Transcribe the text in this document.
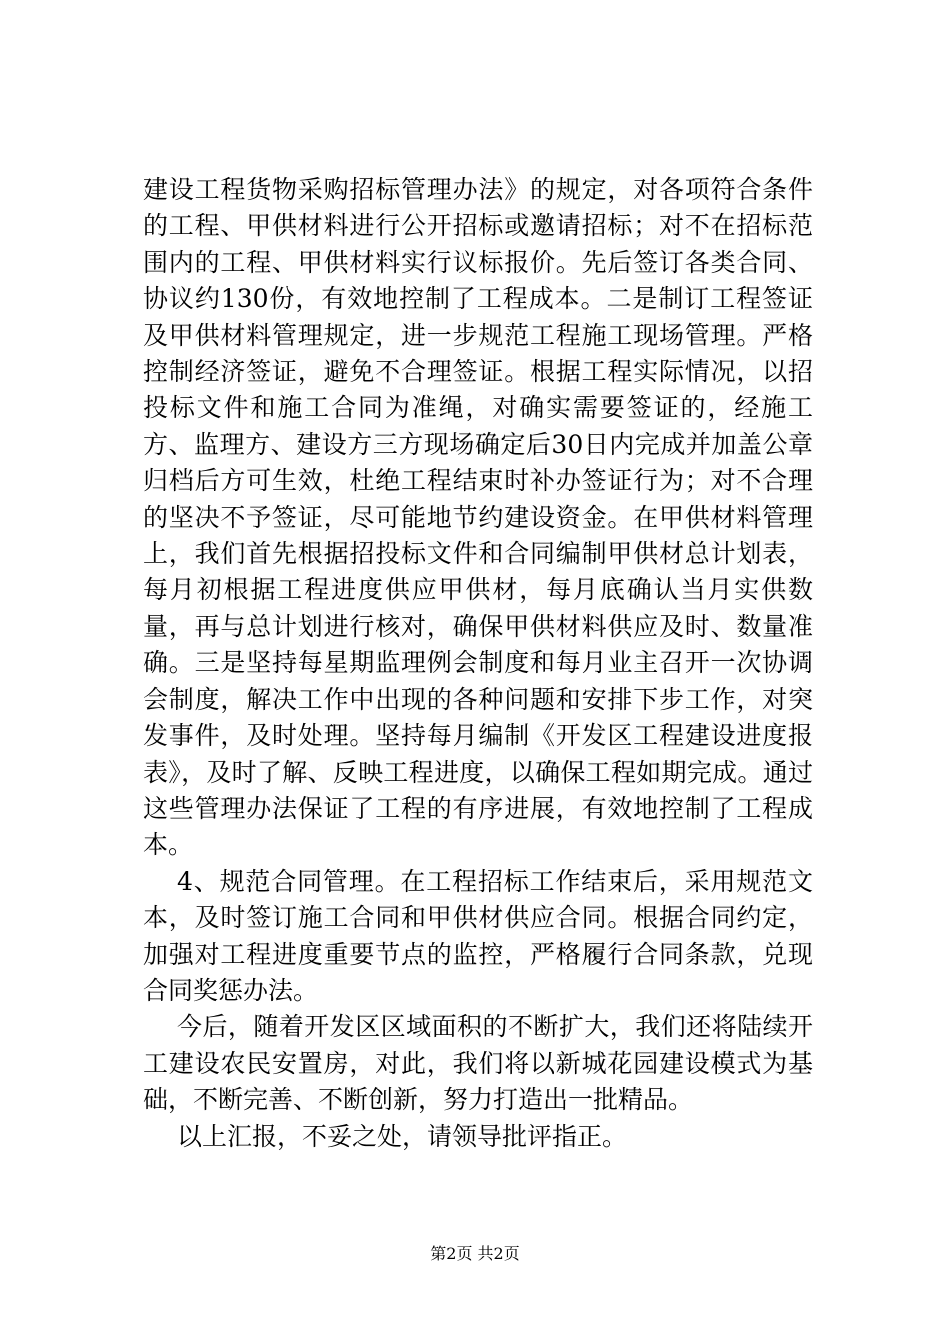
建设工程货物采购招标管理办法》的规定，对各项符合条件的工程、甲供材料进行公开招标或邀请招标；对不在招标范围内的工程、甲供材料实行议标报价。先后签订各类合同、协议约130份，有效地控制了工程成本。二是制订工程签证及甲供材料管理规定，进一步规范工程施工现场管理。严格控制经济签证，避免不合理签证。根据工程实际情况，以招投标文件和施工合同为准绳，对确实需要签证的，经施工方、监理方、建设方三方现场确定后30日内完成并加盖公章归档后方可生效，杜绝工程结束时补办签证行为；对不合理的坚决不予签证，尽可能地节约建设资金。在甲供材料管理上，我们首先根据招投标文件和合同编制甲供材总计划表，每月初根据工程进度供应甲供材，每月底确认当月实供数量，再与总计划进行核对，确保甲供材料供应及时、数量准确。三是坚持每星期监理例会制度和每月业主召开一次协调会制度，解决工作中出现的各种问题和安排下步工作，对突发事件，及时处理。坚持每月编制《开发区工程建设进度报表》，及时了解、反映工程进度，以确保工程如期完成。通过这些管理办法保证了工程的有序进展，有效地控制了工程成本。

4、规范合同管理。在工程招标工作结束后，采用规范文本，及时签订施工合同和甲供材供应合同。根据合同约定，加强对工程进度重要节点的监控，严格履行合同条款，兑现合同奖惩办法。

今后，随着开发区区域面积的不断扩大，我们还将陆续开工建设农民安置房，对此，我们将以新城花园建设模式为基础，不断完善、不断创新，努力打造出一批精品。

以上汇报，不妥之处，请领导批评指正。

第2页 共2页
